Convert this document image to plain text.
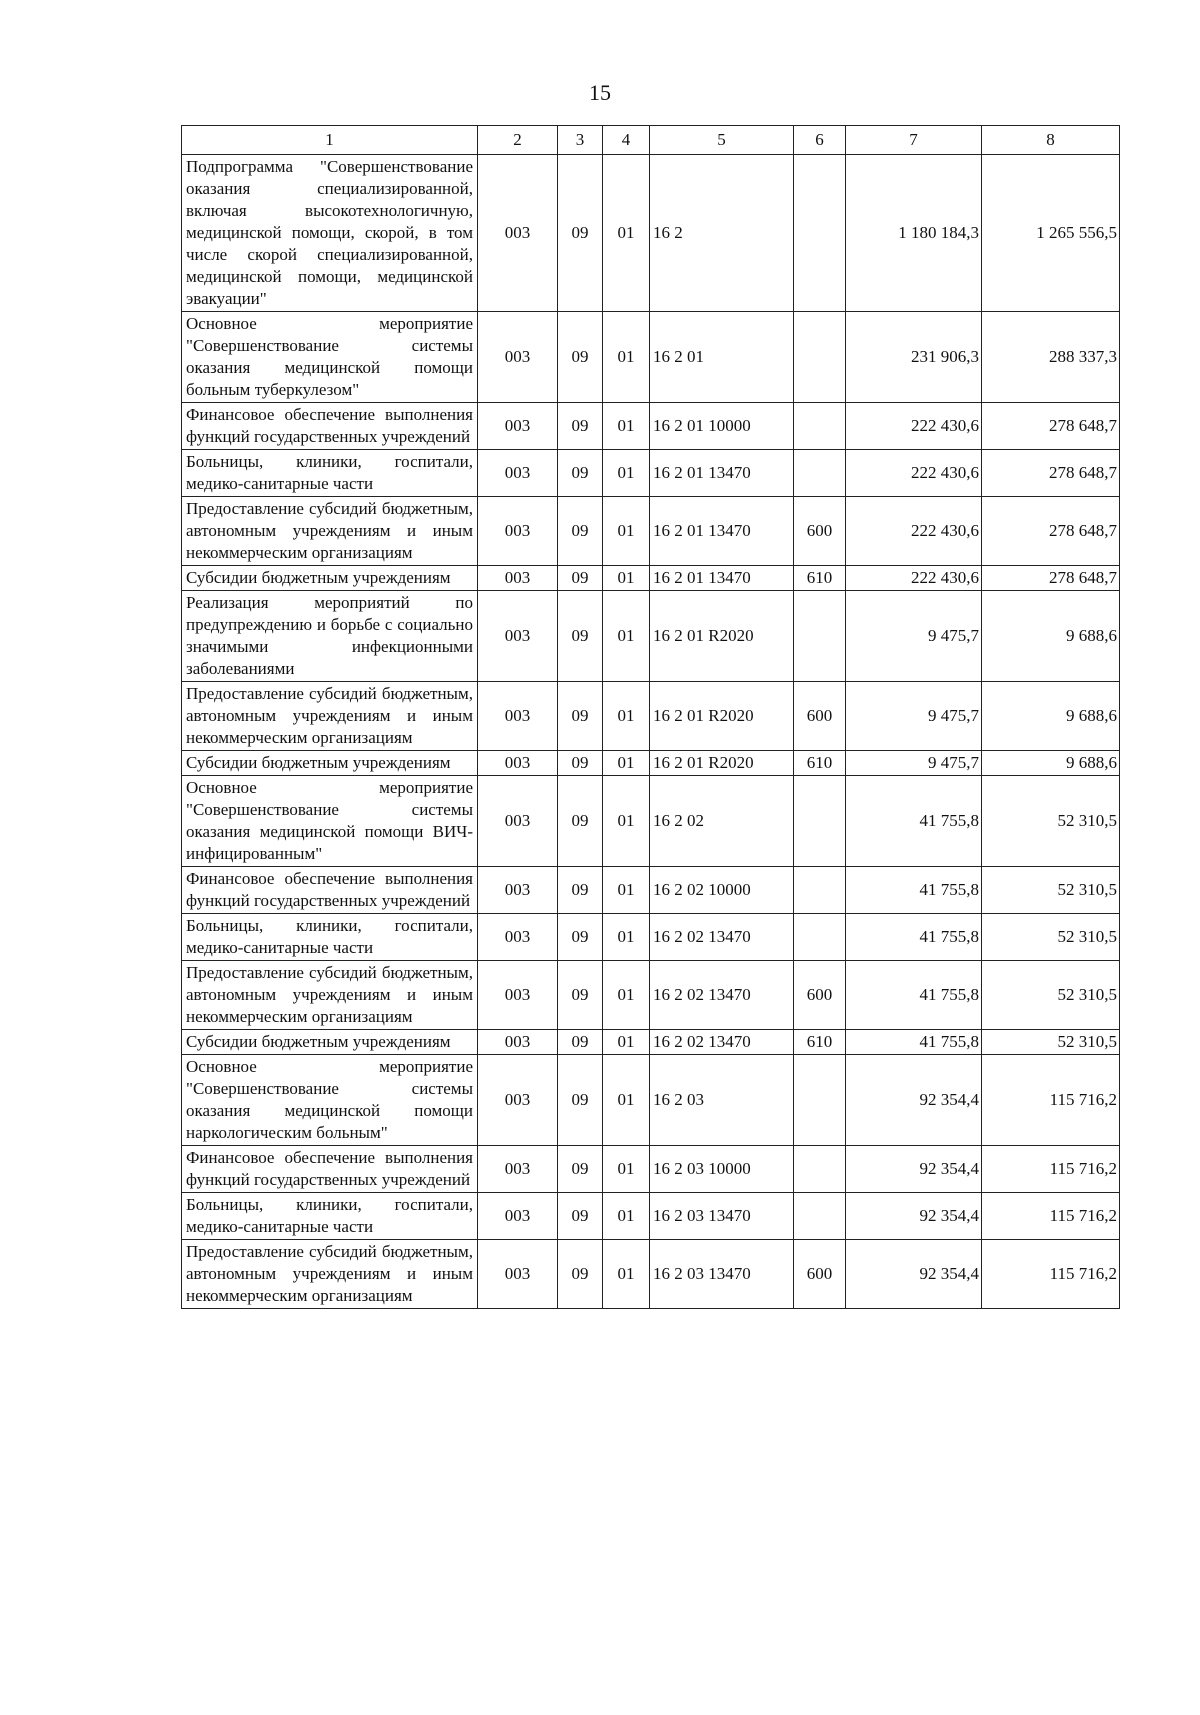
15
1	2	3	4	5	6	7	8
Подпрограмма "Совершенствование оказания специализированной, включая высокотехнологичную, медицинской помощи, скорой, в том числе скорой специализированной, медицинской помощи, медицинской эвакуации"	003	09	01	16 2		1 180 184,3	1 265 556,5
Основное мероприятие "Совершенствование системы оказания медицинской помощи больным туберкулезом"	003	09	01	16 2 01		231 906,3	288 337,3
Финансовое обеспечение выполнения функций государственных учреждений	003	09	01	16 2 01 10000		222 430,6	278 648,7
Больницы, клиники, госпитали, медико-санитарные части	003	09	01	16 2 01 13470		222 430,6	278 648,7
Предоставление субсидий бюджетным, автономным учреждениям и иным некоммерческим организациям	003	09	01	16 2 01 13470	600	222 430,6	278 648,7
Субсидии бюджетным учреждениям	003	09	01	16 2 01 13470	610	222 430,6	278 648,7
Реализация мероприятий по предупреждению и борьбе с социально значимыми инфекционными заболеваниями	003	09	01	16 2 01 R2020		9 475,7	9 688,6
Предоставление субсидий бюджетным, автономным учреждениям и иным некоммерческим организациям	003	09	01	16 2 01 R2020	600	9 475,7	9 688,6
Субсидии бюджетным учреждениям	003	09	01	16 2 01 R2020	610	9 475,7	9 688,6
Основное мероприятие "Совершенствование системы оказания медицинской помощи ВИЧ-инфицированным"	003	09	01	16 2 02		41 755,8	52 310,5
Финансовое обеспечение выполнения функций государственных учреждений	003	09	01	16 2 02 10000		41 755,8	52 310,5
Больницы, клиники, госпитали, медико-санитарные части	003	09	01	16 2 02 13470		41 755,8	52 310,5
Предоставление субсидий бюджетным, автономным учреждениям и иным некоммерческим организациям	003	09	01	16 2 02 13470	600	41 755,8	52 310,5
Субсидии бюджетным учреждениям	003	09	01	16 2 02 13470	610	41 755,8	52 310,5
Основное мероприятие "Совершенствование системы оказания медицинской помощи наркологическим больным"	003	09	01	16 2 03		92 354,4	115 716,2
Финансовое обеспечение выполнения функций государственных учреждений	003	09	01	16 2 03 10000		92 354,4	115 716,2
Больницы, клиники, госпитали, медико-санитарные части	003	09	01	16 2 03 13470		92 354,4	115 716,2
Предоставление субсидий бюджетным, автономным учреждениям и иным некоммерческим организациям	003	09	01	16 2 03 13470	600	92 354,4	115 716,2
